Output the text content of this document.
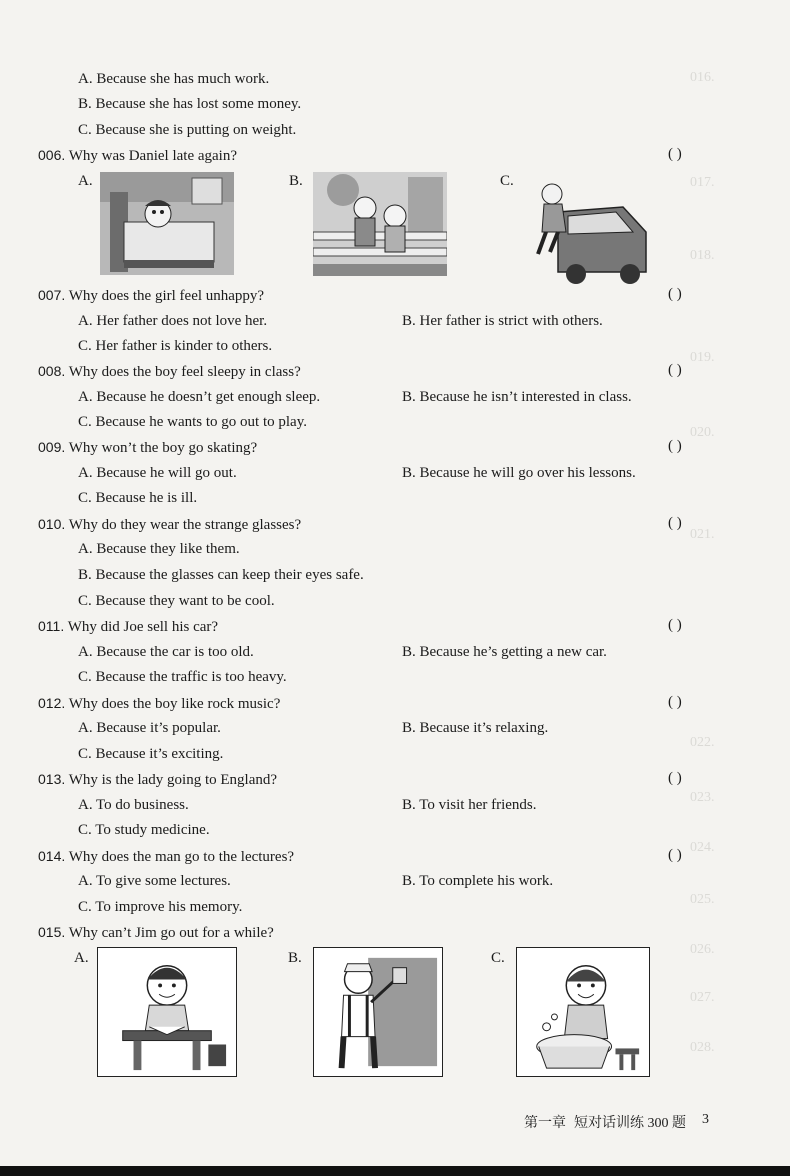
016.
017.
018.
019.
020.
021.
022.
023.
024.
025.
026.
027.
028.
A. Because she has much work.
B. Because she has lost some money.
C. Because she is putting on weight.
006. Why was Daniel late again?	( )
A.	B.	C.
007. Why does the girl feel unhappy?	( )
A. Her father does not love her.	B. Her father is strict with others.
C. Her father is kinder to others.
008. Why does the boy feel sleepy in class?	( )
A. Because he doesn’t get enough sleep.	B. Because he isn’t interested in class.
C. Because he wants to go out to play.
009. Why won’t the boy go skating?	( )
A. Because he will go out.	B. Because he will go over his lessons.
C. Because he is ill.
010. Why do they wear the strange glasses?	( )
A. Because they like them.
B. Because the glasses can keep their eyes safe.
C. Because they want to be cool.
011. Why did Joe sell his car?	( )
A. Because the car is too old.	B. Because he’s getting a new car.
C. Because the traffic is too heavy.
012. Why does the boy like rock music?	( )
A. Because it’s popular.	B. Because it’s relaxing.
C. Because it’s exciting.
013. Why is the lady going to England?	( )
A. To do business.	B. To visit her friends.
C. To study medicine.
014. Why does the man go to the lectures?	( )
A. To give some lectures.	B. To complete his work.
C. To improve his memory.
015. Why can’t Jim go out for a while?
A.	B.	C.
第一章 短对话训练 300 题 3
